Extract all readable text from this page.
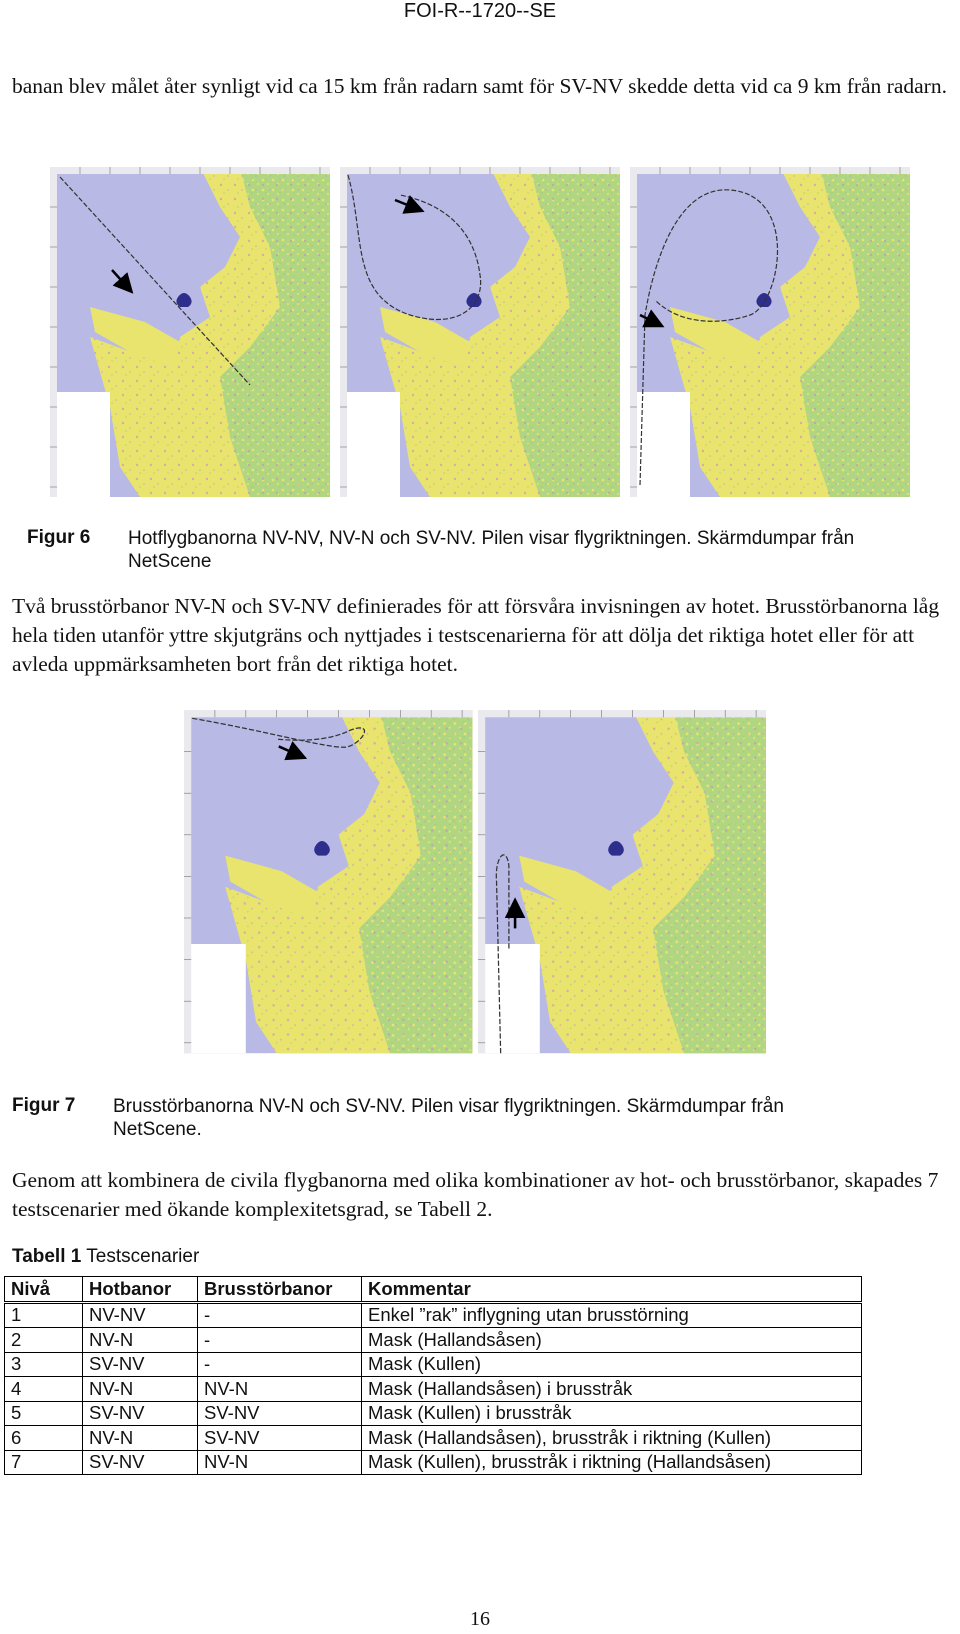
FOI-R--1720--SE
banan blev målet åter synligt vid ca 15 km från radarn samt för SV-NV skedde detta vid ca 9 km från radarn.
Figur 6 Hotflygbanorna NV-NV, NV-N och SV-NV. Pilen visar flygriktningen. Skärmdumpar från NetScene
Två brusstörbanor NV-N och SV-NV definierades för att försvåra invisningen av hotet. Brusstörbanorna låg hela tiden utanför yttre skjutgräns och nyttjades i testscenarierna för att dölja det riktiga hotet eller för att avleda uppmärksamheten bort från det riktiga hotet.
Figur 7 Brusstörbanorna NV-N och SV-NV. Pilen visar flygriktningen. Skärmdumpar från NetScene.
Genom att kombinera de civila flygbanorna med olika kombinationer av hot- och brusstörbanor, skapades 7 testscenarier med ökande komplexitetsgrad, se Tabell 2.
Tabell 1 Testscenarier
Nivå	Hotbanor	Brusstörbanor	Kommentar
1	NV-NV	-	Enkel ”rak” inflygning utan brusstörning
2	NV-N	-	Mask (Hallandsåsen)
3	SV-NV	-	Mask (Kullen)
4	NV-N	NV-N	Mask (Hallandsåsen) i brusstråk
5	SV-NV	SV-NV	Mask (Kullen) i brusstråk
6	NV-N	SV-NV	Mask (Hallandsåsen), brusstråk i riktning (Kullen)
7	SV-NV	NV-N	Mask (Kullen), brusstråk i riktning (Hallandsåsen)
16
